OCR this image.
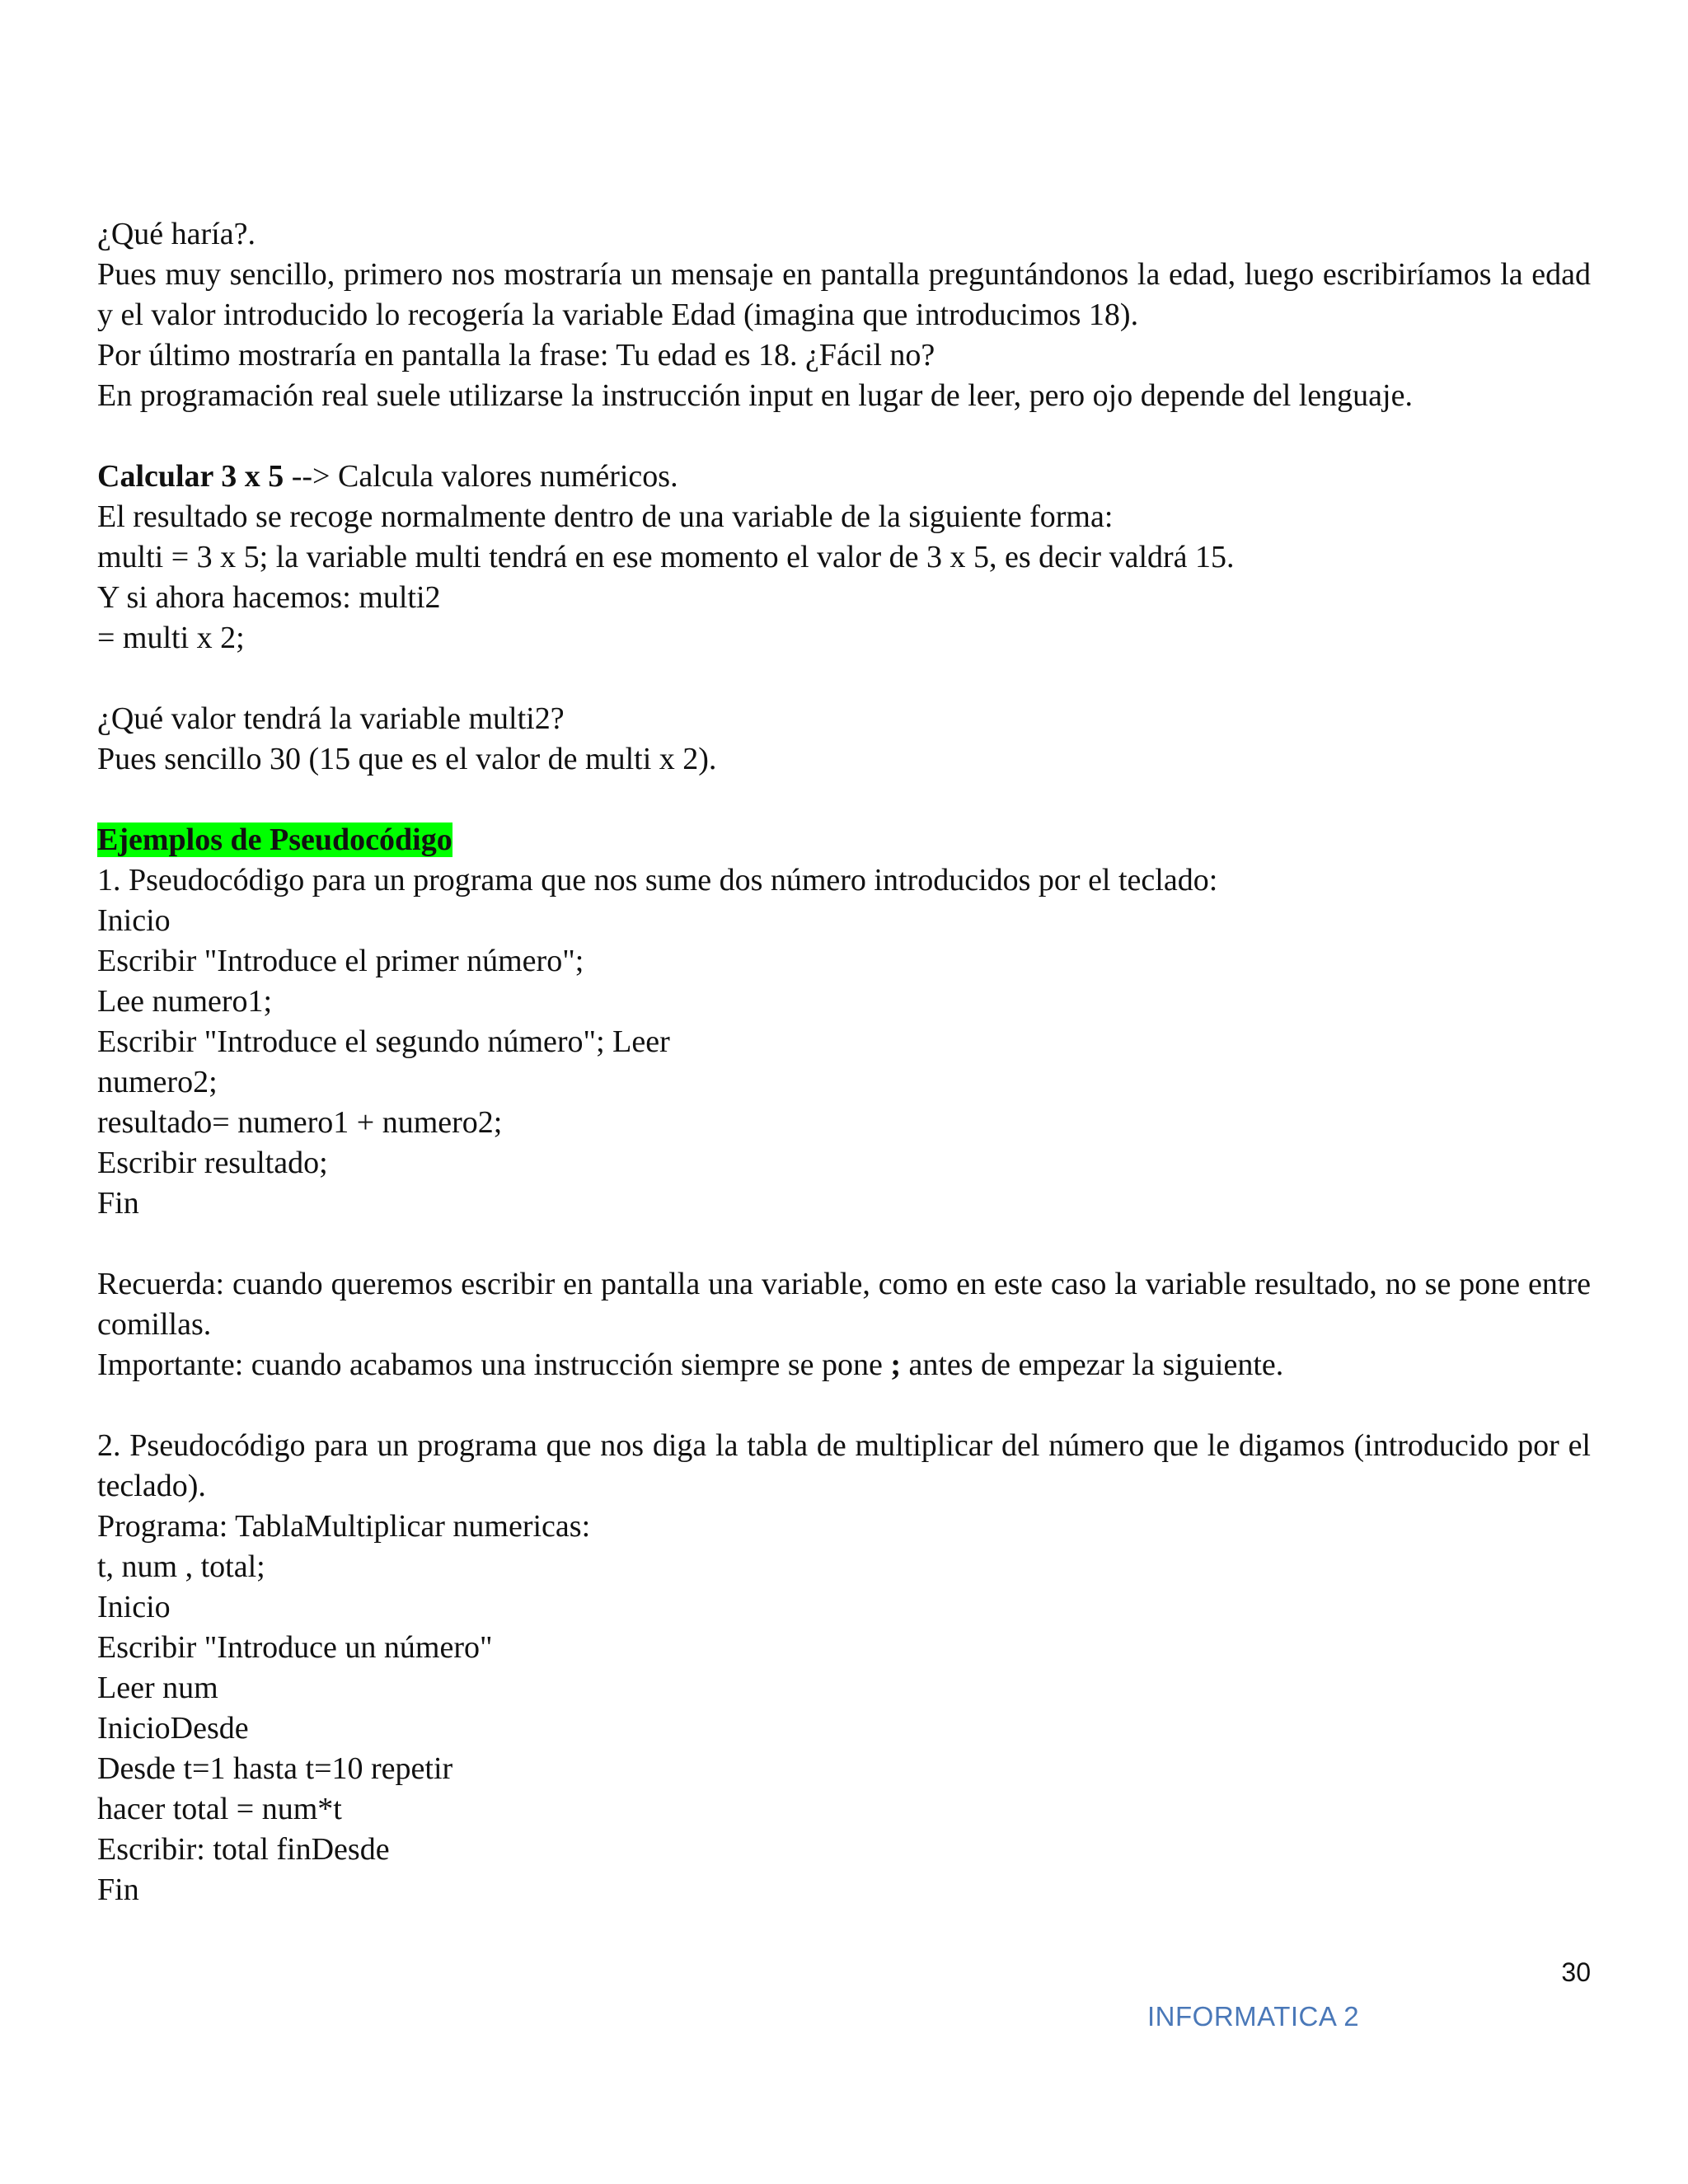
¿Qué haría?.

Pues muy sencillo, primero nos mostraría un mensaje en pantalla preguntándonos la edad, luego escribiríamos la edad y el valor introducido lo recogería la variable Edad (imagina que introducimos 18).

Por último mostraría en pantalla la frase: Tu edad es 18. ¿Fácil no?

En programación real suele utilizarse la instrucción input en lugar de leer, pero ojo depende del lenguaje.

Calcular 3 x 5 --> Calcula valores numéricos.

El resultado se recoge normalmente dentro de una variable de la siguiente forma:

multi = 3 x 5; la variable multi tendrá en ese momento el valor de 3 x 5, es decir valdrá 15.

Y si ahora hacemos: multi2

= multi x 2;

¿Qué valor tendrá la variable multi2?

Pues sencillo 30 (15 que es el valor de multi x 2).

Ejemplos de Pseudocódigo

1. Pseudocódigo para un programa que nos sume dos número introducidos por el teclado:

Inicio

Escribir "Introduce el primer número";

Lee numero1;

Escribir "Introduce el segundo número"; Leer

numero2;

resultado= numero1 + numero2;

Escribir resultado;

Fin

Recuerda: cuando queremos escribir en pantalla una variable, como en este caso la variable resultado, no se pone entre comillas.

Importante: cuando acabamos una instrucción siempre se pone ; antes de empezar la siguiente.

2. Pseudocódigo para un programa que nos diga la tabla de multiplicar del número que le digamos (introducido por el teclado).

Programa: TablaMultiplicar numericas:

t, num , total;

Inicio

Escribir "Introduce un número"

Leer num

InicioDesde

Desde t=1 hasta t=10 repetir

hacer total = num*t

Escribir: total finDesde

Fin

30
INFORMATICA 2
